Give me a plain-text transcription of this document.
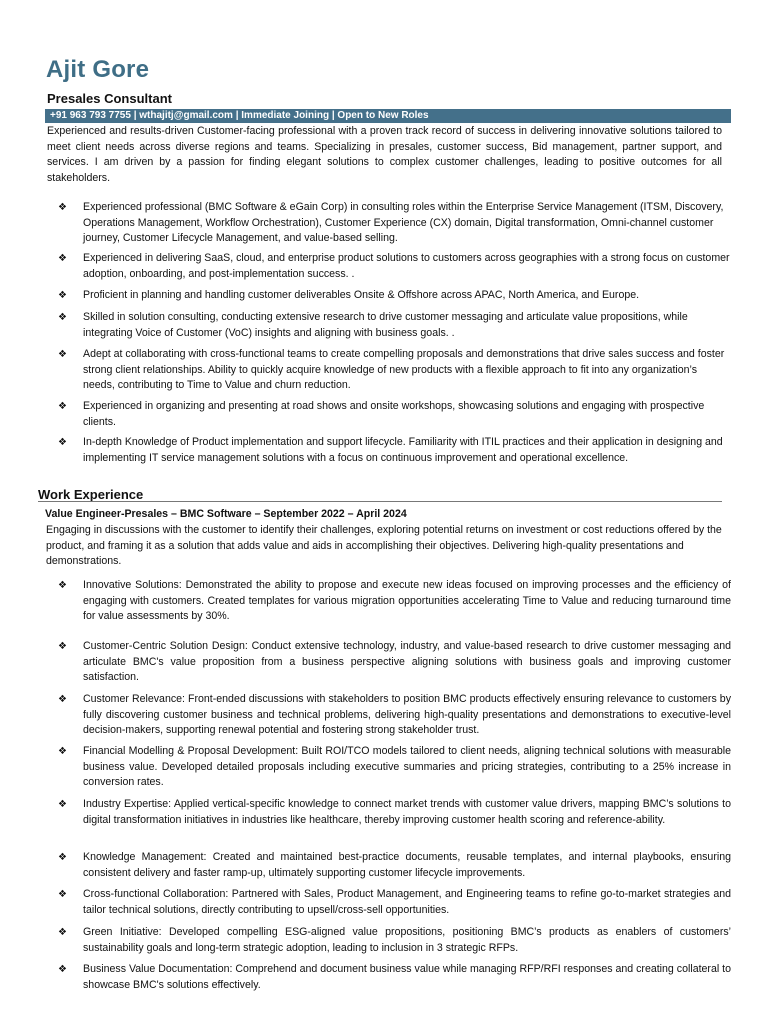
Ajit Gore
Presales Consultant
+91 963 793 7755 | wthajitj@gmail.com | Immediate Joining | Open to New Roles
Experienced and results-driven Customer-facing professional with a proven track record of success in delivering innovative solutions tailored to meet client needs across diverse regions and teams. Specializing in presales, customer success, Bid management, partner support, and services. I am driven by a passion for finding elegant solutions to complex customer challenges, leading to positive outcomes for all stakeholders.
❖ Experienced professional (BMC Software & eGain Corp) in consulting roles within the Enterprise Service Management (ITSM, Discovery, Operations Management, Workflow Orchestration), Customer Experience (CX) domain, Digital transformation, Omni-channel customer journey, Customer Lifecycle Management, and value-based selling.
❖ Experienced in delivering SaaS, cloud, and enterprise product solutions to customers across geographies with a strong focus on customer adoption, onboarding, and post-implementation success. .
❖ Proficient in planning and handling customer deliverables Onsite & Offshore across APAC, North America, and Europe.
❖ Skilled in solution consulting, conducting extensive research to drive customer messaging and articulate value propositions, while integrating Voice of Customer (VoC) insights and aligning with business goals. .
❖ Adept at collaborating with cross-functional teams to create compelling proposals and demonstrations that drive sales success and foster strong client relationships. Ability to quickly acquire knowledge of new products with a flexible approach to fit into any organization’s needs, contributing to Time to Value and churn reduction.
❖ Experienced in organizing and presenting at road shows and onsite workshops, showcasing solutions and engaging with prospective clients.
❖ In-depth Knowledge of Product implementation and support lifecycle. Familiarity with ITIL practices and their application in designing and implementing IT service management solutions with a focus on continuous improvement and operational excellence.
Work Experience
Value Engineer-Presales – BMC Software – September 2022 – April 2024
Engaging in discussions with the customer to identify their challenges, exploring potential returns on investment or cost reductions offered by the product, and framing it as a solution that adds value and aids in accomplishing their objectives. Delivering high-quality presentations and demonstrations.
❖ Innovative Solutions: Demonstrated the ability to propose and execute new ideas focused on improving processes and the efficiency of engaging with customers. Created templates for various migration opportunities accelerating Time to Value and reducing turnaround time for value assessments by 30%.
❖ Customer-Centric Solution Design: Conduct extensive technology, industry, and value-based research to drive customer messaging and articulate BMC's value proposition from a business perspective aligning solutions with business goals and improving customer satisfaction.
❖ Customer Relevance: Front-ended discussions with stakeholders to position BMC products effectively ensuring relevance to customers by fully discovering customer business and technical problems, delivering high-quality presentations and demonstrations to executive-level decision-makers, supporting renewal potential and fostering strong stakeholder trust.
❖ Financial Modelling & Proposal Development: Built ROI/TCO models tailored to client needs, aligning technical solutions with measurable business value. Developed detailed proposals including executive summaries and pricing strategies, contributing to a 25% increase in conversion rates.
❖ Industry Expertise: Applied vertical-specific knowledge to connect market trends with customer value drivers, mapping BMC’s solutions to digital transformation initiatives in industries like healthcare, thereby improving customer health scoring and reference-ability.
❖ Knowledge Management: Created and maintained best-practice documents, reusable templates, and internal playbooks, ensuring consistent delivery and faster ramp-up, ultimately supporting customer lifecycle improvements.
❖ Cross-functional Collaboration: Partnered with Sales, Product Management, and Engineering teams to refine go-to-market strategies and tailor technical solutions, directly contributing to upsell/cross-sell opportunities.
❖ Green Initiative: Developed compelling ESG-aligned value propositions, positioning BMC’s products as enablers of customers’ sustainability goals and long-term strategic adoption, leading to inclusion in 3 strategic RFPs.
❖ Business Value Documentation: Comprehend and document business value while managing RFP/RFI responses and creating collateral to showcase BMC's solutions effectively.
